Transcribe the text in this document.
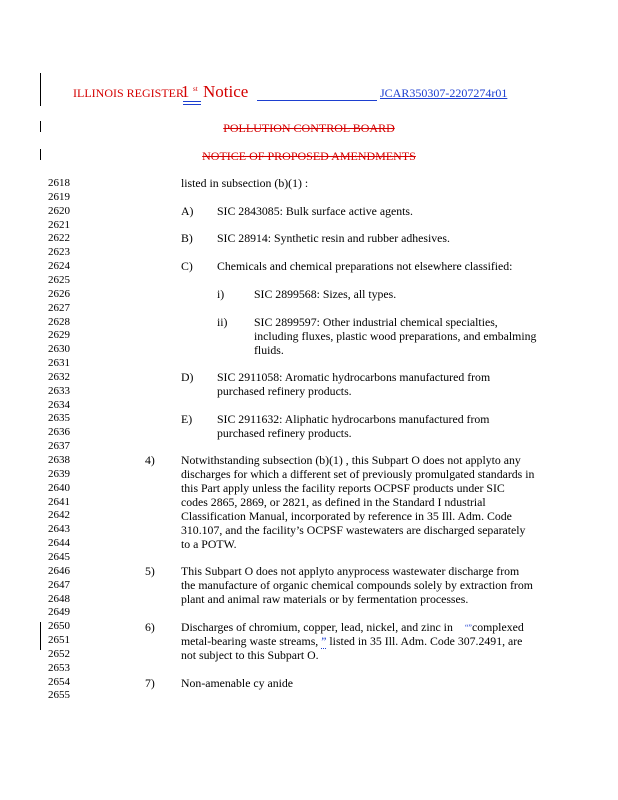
ILLINOIS REGISTER
1 st Notice	JCAR350307-2207274r01
POLLUTION CONTROL BOARD
NOTICE OF PROPOSED AMENDMENTS
2618
2619
2620
2621
2622
2623
2624
2625
2626
2627
2628
2629
2630
2631
2632
2633
2634
2635
2636
2637
2638
2639
2640
2641
2642
2643
2644
2645
2646
2647
2648
2649
2650
2651
2652
2653
2654
2655
listed in subsection (b)(1) :
A) SIC 2843085: Bulk surface active agents.
B) SIC 28914: Synthetic resin and rubber adhesives.
C) Chemicals and chemical preparations not elsewhere classified:
i)	SIC 2899568: Sizes, all types.
ii) SIC 2899597: Other industrial chemical specialties,
including fluxes, plastic wood preparations, and embalming
fluids.
D) SIC 2911058: Aromatic hydrocarbons manufactured from
purchased refinery products.
E) SIC 2911632: Aliphatic hydrocarbons manufactured from
purchased refinery products.
4) Notwithstanding subsection (b)(1) , this Subpart O does not applyto any
discharges for which a different set of previously promulgated standards in
this Part apply unless the facility reports OCPSF products under SIC
codes 2865, 2869, or 2821, as defined in the Standard I ndustrial
Classification Manual, incorporated by reference in 35 Ill. Adm. Code
310.107, and the facility’s OCPSF wastewaters are discharged separately
to a POTW.
5) This Subpart O does not applyto anyprocess wastewater discharge from
the manufacture of organic chemical compounds solely by extraction from
plant and animal raw materials or by fermentation processes.
6) Discharges of chromium, copper, lead, nickel, and zinc in “”complexed
metal-bearing waste streams, ” listed in 35 Ill. Adm. Code 307.2491, are
not subject to this Subpart O.
7) Non-amenable cy anide
